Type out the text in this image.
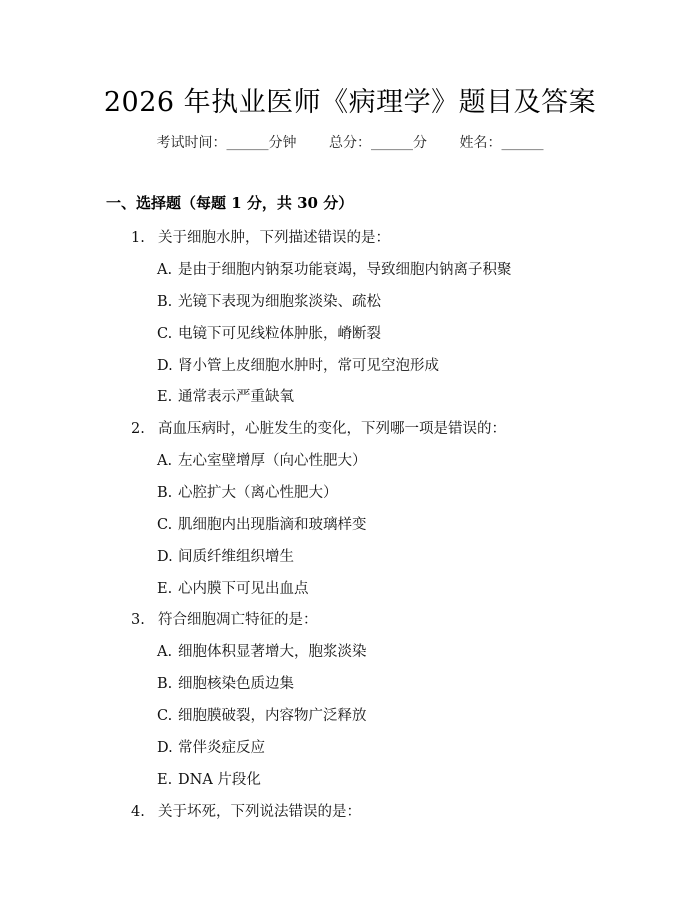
2026 年执业医师《病理学》题目及答案
考试时间：______分钟 总分：______分 姓名：______
一、选择题（每题 1 分，共 30 分）
1. 关于细胞水肿，下列描述错误的是：
A. 是由于细胞内钠泵功能衰竭，导致细胞内钠离子积聚
B. 光镜下表现为细胞浆淡染、疏松
C. 电镜下可见线粒体肿胀，嵴断裂
D. 肾小管上皮细胞水肿时，常可见空泡形成
E. 通常表示严重缺氧
2. 高血压病时，心脏发生的变化，下列哪一项是错误的：
A. 左心室壁增厚（向心性肥大）
B. 心腔扩大（离心性肥大）
C. 肌细胞内出现脂滴和玻璃样变
D. 间质纤维组织增生
E. 心内膜下可见出血点
3. 符合细胞凋亡特征的是：
A. 细胞体积显著增大，胞浆淡染
B. 细胞核染色质边集
C. 细胞膜破裂，内容物广泛释放
D. 常伴炎症反应
E. DNA 片段化
4. 关于坏死，下列说法错误的是：
